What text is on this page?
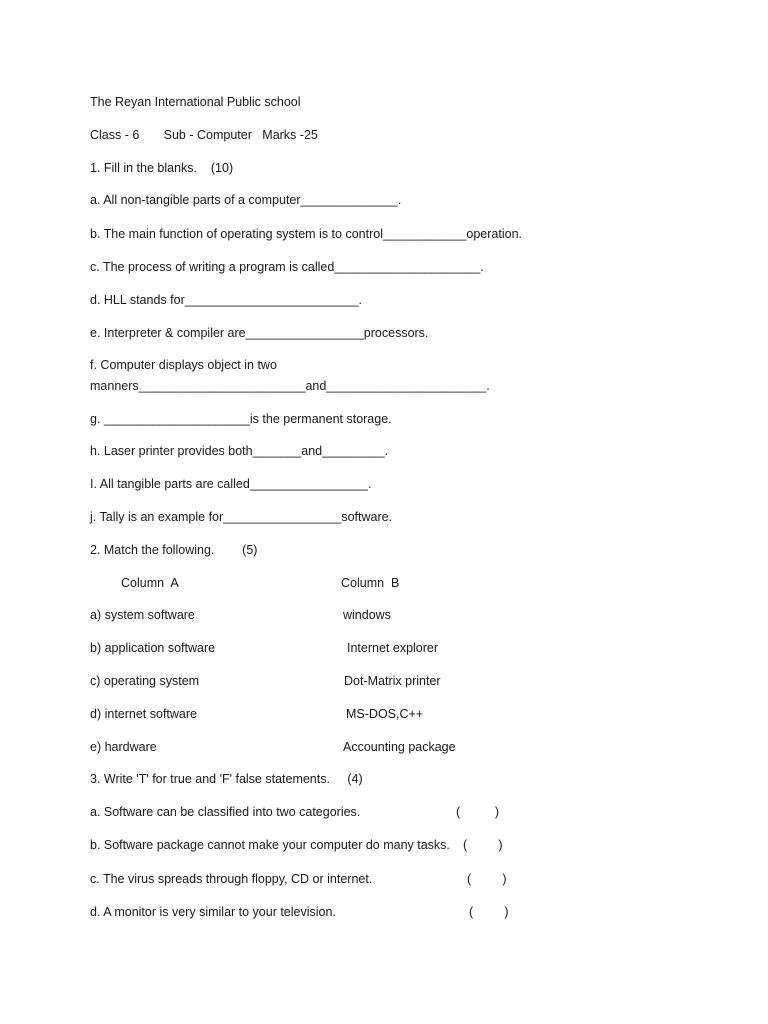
The Reyan International Public school
Class - 6       Sub - Computer   Marks -25
1. Fill in the blanks.    (10)
a. All non-tangible parts of a computer______________.
b. The main function of operating system is to control____________operation.
c. The process of writing a program is called_____________________.
d. HLL stands for_________________________.
e. Interpreter & compiler are_________________processors.
f. Computer displays object in two
manners________________________and_______________________.
g. _____________________is the permanent storage.
h. Laser printer provides both_______and_________.
I. All tangible parts are called_________________.
j. Tally is an example for_________________software.
2. Match the following.        (5)
Column  A	Column  B
a) system software	windows
b) application software	Internet explorer
c) operating system	Dot-Matrix printer
d) internet software	MS-DOS,C++
e) hardware	Accounting package
3. Write 'T' for true and 'F' false statements.     (4)
a. Software can be classified into two categories.	(          )
b. Software package cannot make your computer do many tasks. (         )
c. The virus spreads through floppy, CD or internet.	(         )
d. A monitor is very similar to your television.	(         )
